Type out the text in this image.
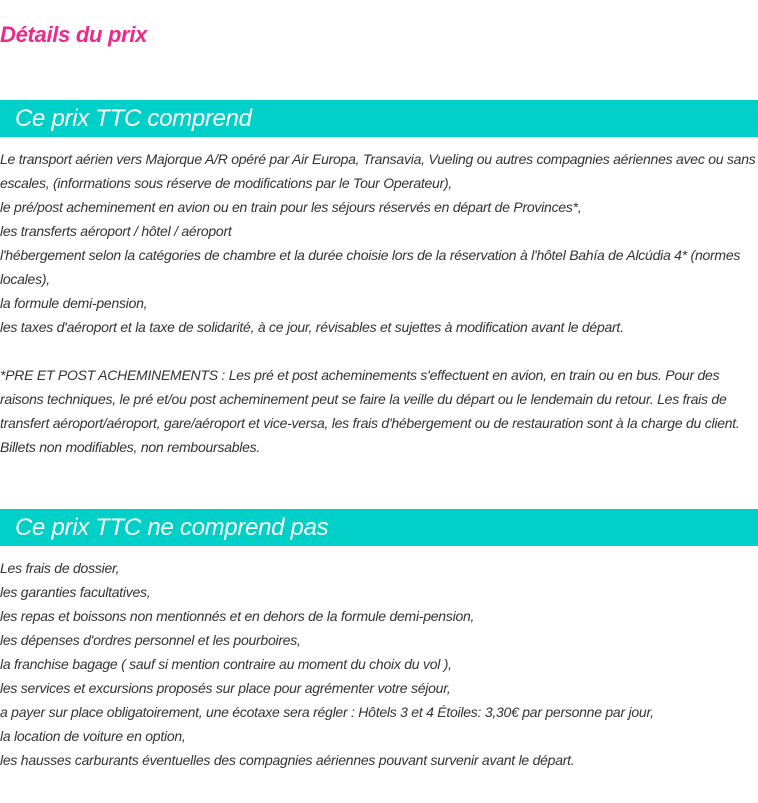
Détails du prix
Ce prix TTC comprend

Le transport aérien vers Majorque A/R opéré par Air Europa, Transavia, Vueling ou autres compagnies aériennes avec ou sans escales, (informations sous réserve de modifications par le Tour Operateur),

le pré/post acheminement en avion ou en train pour les séjours réservés en départ de Provinces*,

les transferts aéroport / hôtel / aéroport

l'hébergement selon la catégories de chambre et la durée choisie lors de la réservation à l'hôtel Bahía de Alcúdia 4* (normes locales),

la formule demi-pension,

les taxes d'aéroport et la taxe de solidarité, à ce jour, révisables et sujettes à modification avant le départ.

*PRE ET POST ACHEMINEMENTS : Les pré et post acheminements s'effectuent en avion, en train ou en bus. Pour des raisons techniques, le pré et/ou post acheminement peut se faire la veille du départ ou le lendemain du retour. Les frais de transfert aéroport/aéroport, gare/aéroport et vice-versa, les frais d'hébergement ou de restauration sont à la charge du client. Billets non modifiables, non remboursables.

Ce prix TTC ne comprend pas

Les frais de dossier,

les garanties facultatives,

les repas et boissons non mentionnés et en dehors de la formule demi-pension,

les dépenses d'ordres personnel et les pourboires,

la franchise bagage ( sauf si mention contraire au moment du choix du vol ),

les services et excursions proposés sur place pour agrémenter votre séjour,

a payer sur place obligatoirement, une écotaxe sera régler : Hôtels 3 et 4 Étoiles: 3,30€ par personne par jour,

la location de voiture en option,

les hausses carburants éventuelles des compagnies aériennes pouvant survenir avant le départ.
